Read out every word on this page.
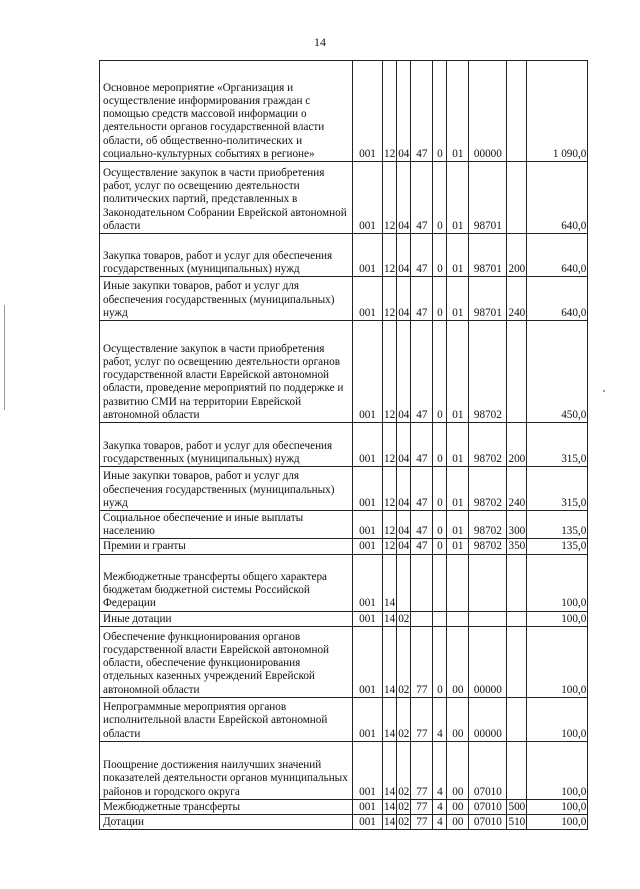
14
Основное мероприятие «Организация и осуществление информирования граждан с помощью средств массовой информации о деятельности органов государственной власти области, об общественно-политических и социально-культурных событиях в регионе»	001	12	04	47	0	01	00000		1 090,0
Осуществление закупок в части приобретения работ, услуг по освещению деятельности политических партий, представленных в Законодательном Собрании Еврейской автономной области	001	12	04	47	0	01	98701		640,0
Закупка товаров, работ и услуг для обеспечения государственных (муниципальных) нужд	001	12	04	47	0	01	98701	200	640,0
Иные закупки товаров, работ и услуг для обеспечения государственных (муниципальных) нужд	001	12	04	47	0	01	98701	240	640,0
Осуществление закупок в части приобретения работ, услуг по освещению деятельности органов государственной власти Еврейской автономной области, проведение мероприятий по поддержке и развитию СМИ на территории Еврейской автономной области	001	12	04	47	0	01	98702		450,0
Закупка товаров, работ и услуг для обеспечения государственных (муниципальных) нужд	001	12	04	47	0	01	98702	200	315,0
Иные закупки товаров, работ и услуг для обеспечения государственных (муниципальных) нужд	001	12	04	47	0	01	98702	240	315,0
Социальное обеспечение и иные выплаты населению	001	12	04	47	0	01	98702	300	135,0
Премии и гранты	001	12	04	47	0	01	98702	350	135,0
Межбюджетные трансферты общего характера бюджетам бюджетной системы Российской Федерации	001	14							100,0
Иные дотации	001	14	02						100,0
Обеспечение функционирования органов государственной власти Еврейской автономной области, обеспечение функционирования отдельных казенных учреждений Еврейской автономной области	001	14	02	77	0	00	00000		100,0
Непрограммные мероприятия органов исполнительной власти Еврейской автономной области	001	14	02	77	4	00	00000		100,0
Поощрение достижения наилучших значений показателей деятельности органов муниципальных районов и городского округа	001	14	02	77	4	00	07010		100,0
Межбюджетные трансферты	001	14	02	77	4	00	07010	500	100,0
Дотации	001	14	02	77	4	00	07010	510	100,0
